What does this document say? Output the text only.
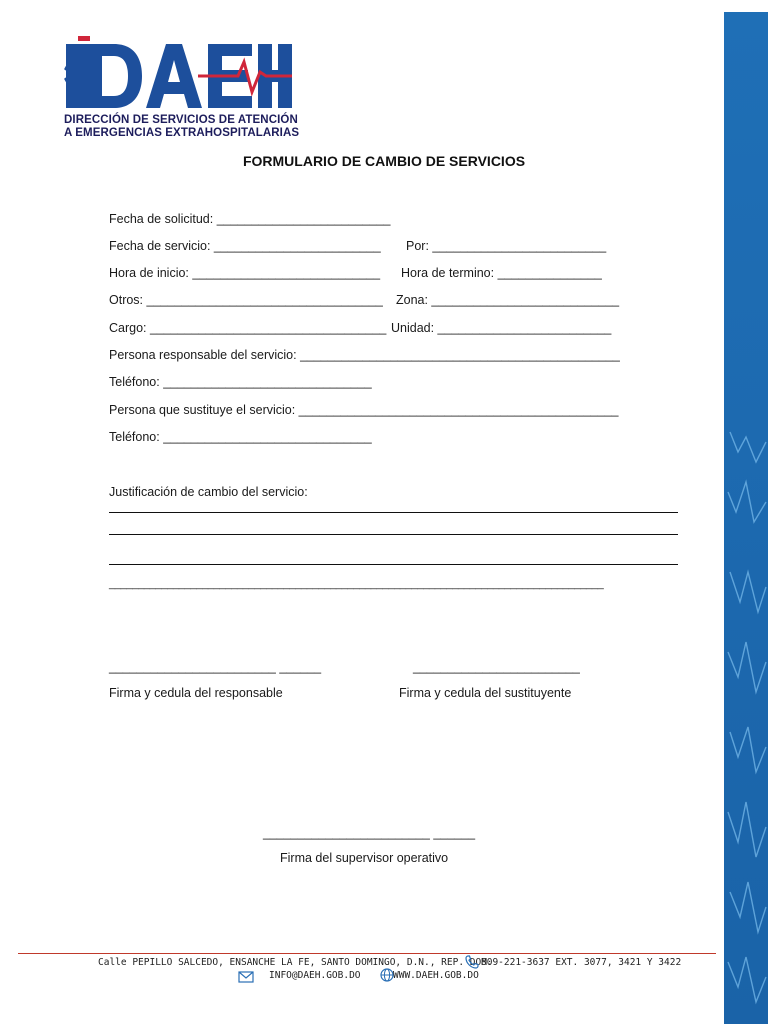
DIRECCIÓN DE SERVICIOS DE ATENCIÓN
A EMERGENCIAS EXTRAHOSPITALARIAS
FORMULARIO DE CAMBIO DE SERVICIOS
Fecha de solicitud: _________________________
Fecha de servicio: ________________________ Por: _________________________
Hora de inicio: ___________________________ Hora de termino: _______________
Otros: __________________________________ Zona: ___________________________
Cargo: __________________________________ Unidad: _________________________
Persona responsable del servicio: ______________________________________________
Teléfono: ______________________________
Persona que sustituye el servicio: ______________________________________________
Teléfono: ______________________________
Justificación de cambio del servicio:
_____________________________________________________________________________________
________________________ ______
Firma y cedula del responsable
________________________
Firma y cedula del sustituyente
________________________ ______
Firma del supervisor operativo
Calle PEPILLO SALCEDO, ENSANCHE LA FE, SANTO DOMINGO, D.N., REP. DOM.
809-221-3637 EXT. 3077, 3421 Y 3422
INFO@DAEH.GOB.DO	WWW.DAEH.GOB.DO
